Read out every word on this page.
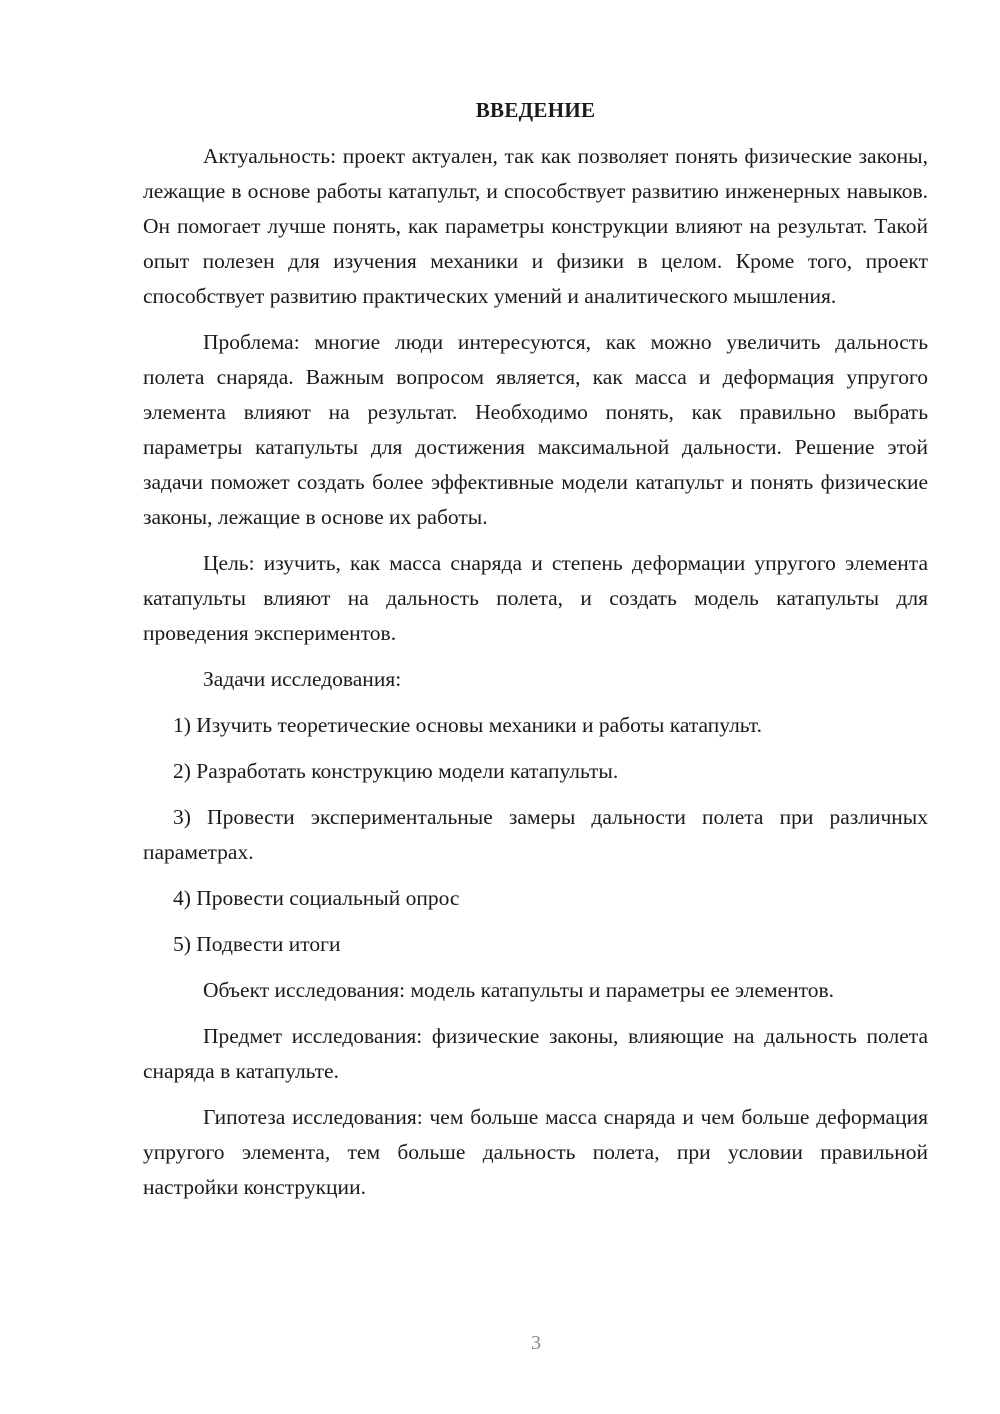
ВВЕДЕНИЕ

Актуальность: проект актуален, так как позволяет понять физические законы, лежащие в основе работы катапульт, и способствует развитию инженерных навыков. Он помогает лучше понять, как параметры конструкции влияют на результат. Такой опыт полезен для изучения механики и физики в целом. Кроме того, проект способствует развитию практических умений и аналитического мышления.

Проблема: многие люди интересуются, как можно увеличить дальность полета снаряда. Важным вопросом является, как масса и деформация упругого элемента влияют на результат. Необходимо понять, как правильно выбрать параметры катапульты для достижения максимальной дальности. Решение этой задачи поможет создать более эффективные модели катапульт и понять физические законы, лежащие в основе их работы.

Цель: изучить, как масса снаряда и степень деформации упругого элемента катапульты влияют на дальность полета, и создать модель катапульты для проведения экспериментов.

Задачи исследования:

1) Изучить теоретические основы механики и работы катапульт.

2) Разработать конструкцию модели катапульты.

3) Провести экспериментальные замеры дальности полета при различных параметрах.

4) Провести социальный опрос

5) Подвести итоги

Объект исследования: модель катапульты и параметры ее элементов.

Предмет исследования: физические законы, влияющие на дальность полета снаряда в катапульте.

Гипотеза исследования: чем больше масса снаряда и чем больше деформация упругого элемента, тем больше дальность полета, при условии правильной настройки конструкции.

3
